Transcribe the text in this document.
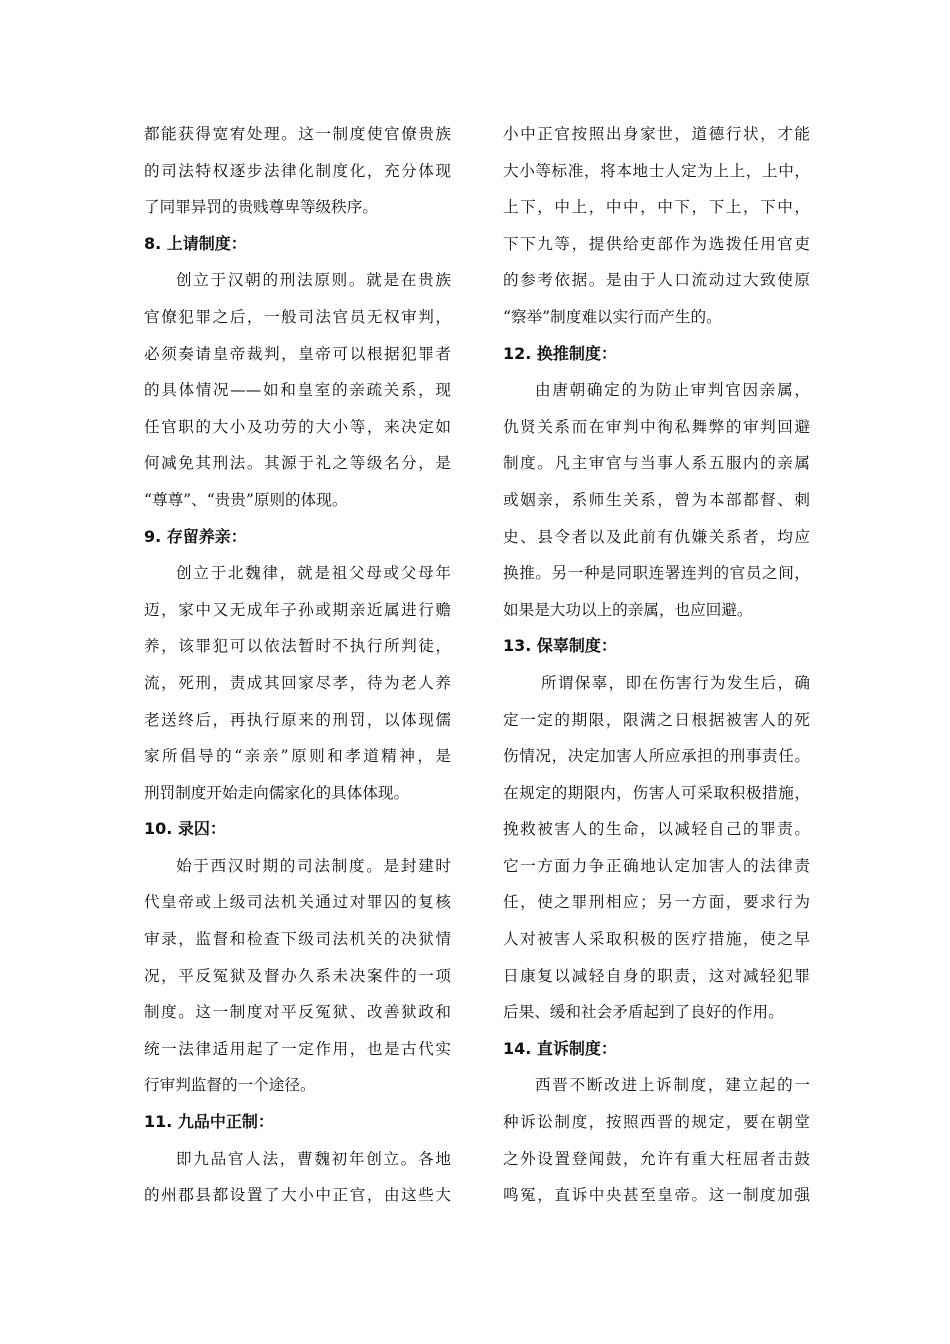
都能获得宽宥处理。这一制度使官僚贵族
的司法特权逐步法律化制度化，充分体现
了同罪异罚的贵贱尊卑等级秩序。
8. 上请制度：
创立于汉朝的刑法原则。就是在贵族
官僚犯罪之后，一般司法官员无权审判，
必须奏请皇帝裁判，皇帝可以根据犯罪者
的具体情况——如和皇室的亲疏关系，现
任官职的大小及功劳的大小等，来决定如
何减免其刑法。其源于礼之等级名分，是
“尊尊”、“贵贵”原则的体现。
9. 存留养亲：
创立于北魏律，就是祖父母或父母年
迈，家中又无成年子孙或期亲近属进行赡
养，该罪犯可以依法暂时不执行所判徒，
流，死刑，责成其回家尽孝，待为老人养
老送终后，再执行原来的刑罚，以体现儒
家所倡导的“亲亲”原则和孝道精神，是
刑罚制度开始走向儒家化的具体体现。
10. 录囚：
始于西汉时期的司法制度。是封建时
代皇帝或上级司法机关通过对罪囚的复核
审录，监督和检查下级司法机关的决狱情
况，平反冤狱及督办久系未决案件的一项
制度。这一制度对平反冤狱、改善狱政和
统一法律适用起了一定作用，也是古代实
行审判监督的一个途径。
11. 九品中正制：
即九品官人法，曹魏初年创立。各地
的州郡县都设置了大小中正官，由这些大
小中正官按照出身家世，道德行状，才能
大小等标准，将本地士人定为上上，上中，
上下，中上，中中，中下，下上，下中，
下下九等，提供给吏部作为选拨任用官吏
的参考依据。是由于人口流动过大致使原
“察举”制度难以实行而产生的。
12. 换推制度：
由唐朝确定的为防止审判官因亲属，
仇贤关系而在审判中徇私舞弊的审判回避
制度。凡主审官与当事人系五服内的亲属
或姻亲，系师生关系，曾为本部都督、刺
史、县令者以及此前有仇嫌关系者，均应
换推。另一种是同职连署连判的官员之间，
如果是大功以上的亲属，也应回避。
13. 保辜制度：
所谓保辜，即在伤害行为发生后，确
定一定的期限，限满之日根据被害人的死
伤情况，决定加害人所应承担的刑事责任。
在规定的期限内，伤害人可采取积极措施，
挽救被害人的生命，以减轻自己的罪责。
它一方面力争正确地认定加害人的法律责
任，使之罪刑相应；另一方面，要求行为
人对被害人采取积极的医疗措施，使之早
日康复以减轻自身的职责，这对减轻犯罪
后果、缓和社会矛盾起到了良好的作用。
14. 直诉制度：
西晋不断改进上诉制度，建立起的一
种诉讼制度，按照西晋的规定，要在朝堂
之外设置登闻鼓，允许有重大枉屈者击鼓
鸣冤，直诉中央甚至皇帝。这一制度加强
